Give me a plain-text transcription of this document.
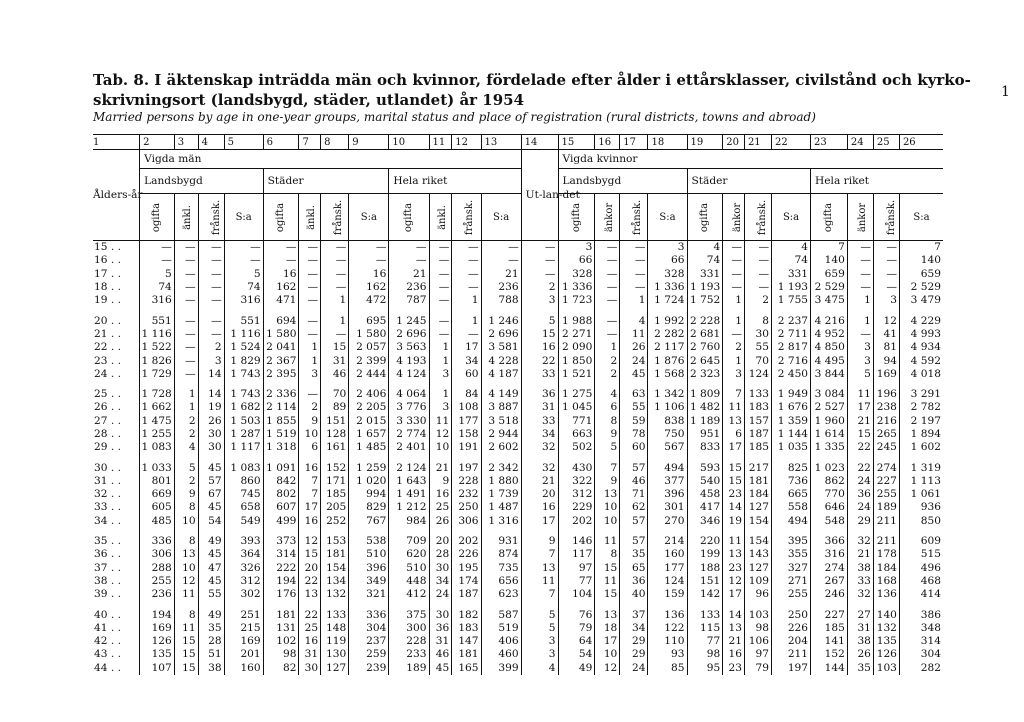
1
Tab. 8. I äktenskap inträdda män och kvinnor, fördelade efter ålder i ettårsklasser, civilstånd och kyrko-skrivningsort (landsbygd, städer, utlandet) år 1954
Married persons by age in one-year groups, marital status and place of registration (rural districts, towns and abroad)
1	2	3	4	5	6	7	8	9	10	11	12	13	14	15	16	17	18	19	20	21	22	23	24	25	26
Ålders-år	Vigda män												Ut-lan-det	Vigda kvinnor											
	Landsbygd				Städer				Hela riket					Landsbygd				Städer				Hela riket			
	ogifta	änkl.	frånsk.	S:a	ogifta	änkl.	frånsk.	S:a	ogifta	änkl.	frånsk.	S:a		ogifta	änkor	frånsk.	S:a	ogifta	änkor	frånsk.	S:a	ogifta	änkor	frånsk.	S:a
15 . .	—	—	—	—	—	—	—	—	—	—	—	—	—	3	—	—	3	4	—	—	4	7	—	—	7
16 . .	—	—	—	—	—	—	—	—	—	—	—	—	—	66	—	—	66	74	—	—	74	140	—	—	140
17 . .	5	—	—	5	16	—	—	16	21	—	—	21	—	328	—	—	328	331	—	—	331	659	—	—	659
18 . .	74	—	—	74	162	—	—	162	236	—	—	236	2	1 336	—	—	1 336	1 193	—	—	1 193	2 529	—	—	2 529
19 . .	316	—	—	316	471	—	1	472	787	—	1	788	3	1 723	—	1	1 724	1 752	1	2	1 755	3 475	1	3	3 479
20 . .	551	—	—	551	694	—	1	695	1 245	—	1	1 246	5	1 988	—	4	1 992	2 228	1	8	2 237	4 216	1	12	4 229
21 . .	1 116	—	—	1 116	1 580	—	—	1 580	2 696	—	—	2 696	15	2 271	—	11	2 282	2 681	—	30	2 711	4 952	—	41	4 993
22 . .	1 522	—	2	1 524	2 041	1	15	2 057	3 563	1	17	3 581	16	2 090	1	26	2 117	2 760	2	55	2 817	4 850	3	81	4 934
23 . .	1 826	—	3	1 829	2 367	1	31	2 399	4 193	1	34	4 228	22	1 850	2	24	1 876	2 645	1	70	2 716	4 495	3	94	4 592
24 . .	1 729	—	14	1 743	2 395	3	46	2 444	4 124	3	60	4 187	33	1 521	2	45	1 568	2 323	3	124	2 450	3 844	5	169	4 018
25 . .	1 728	1	14	1 743	2 336	—	70	2 406	4 064	1	84	4 149	36	1 275	4	63	1 342	1 809	7	133	1 949	3 084	11	196	3 291
26 . .	1 662	1	19	1 682	2 114	2	89	2 205	3 776	3	108	3 887	31	1 045	6	55	1 106	1 482	11	183	1 676	2 527	17	238	2 782
27 . .	1 475	2	26	1 503	1 855	9	151	2 015	3 330	11	177	3 518	33	771	8	59	838	1 189	13	157	1 359	1 960	21	216	2 197
28 . .	1 255	2	30	1 287	1 519	10	128	1 657	2 774	12	158	2 944	34	663	9	78	750	951	6	187	1 144	1 614	15	265	1 894
29 . .	1 083	4	30	1 117	1 318	6	161	1 485	2 401	10	191	2 602	32	502	5	60	567	833	17	185	1 035	1 335	22	245	1 602
30 . .	1 033	5	45	1 083	1 091	16	152	1 259	2 124	21	197	2 342	32	430	7	57	494	593	15	217	825	1 023	22	274	1 319
31 . .	801	2	57	860	842	7	171	1 020	1 643	9	228	1 880	21	322	9	46	377	540	15	181	736	862	24	227	1 113
32 . .	669	9	67	745	802	7	185	994	1 491	16	232	1 739	20	312	13	71	396	458	23	184	665	770	36	255	1 061
33 . .	605	8	45	658	607	17	205	829	1 212	25	250	1 487	16	229	10	62	301	417	14	127	558	646	24	189	936
34 . .	485	10	54	549	499	16	252	767	984	26	306	1 316	17	202	10	57	270	346	19	154	494	548	29	211	850
35 . .	336	8	49	393	373	12	153	538	709	20	202	931	9	146	11	57	214	220	11	154	395	366	32	211	609
36 . .	306	13	45	364	314	15	181	510	620	28	226	874	7	117	8	35	160	199	13	143	355	316	21	178	515
37 . .	288	10	47	326	222	20	154	396	510	30	195	735	13	97	15	65	177	188	23	127	327	274	38	184	496
38 . .	255	12	45	312	194	22	134	349	448	34	174	656	11	77	11	36	124	151	12	109	271	267	33	168	468
39 . .	236	11	55	302	176	13	132	321	412	24	187	623	7	104	15	40	159	142	17	96	255	246	32	136	414
40 . .	194	8	49	251	181	22	133	336	375	30	182	587	5	76	13	37	136	133	14	103	250	227	27	140	386
41 . .	169	11	35	215	131	25	148	304	300	36	183	519	5	79	18	34	122	115	13	98	226	185	31	132	348
42 . .	126	15	28	169	102	16	119	237	228	31	147	406	3	64	17	29	110	77	21	106	204	141	38	135	314
43 . .	135	15	51	201	98	31	130	259	233	46	181	460	3	54	10	29	93	98	16	97	211	152	26	126	304
44 . .	107	15	38	160	82	30	127	239	189	45	165	399	4	49	12	24	85	95	23	79	197	144	35	103	282
